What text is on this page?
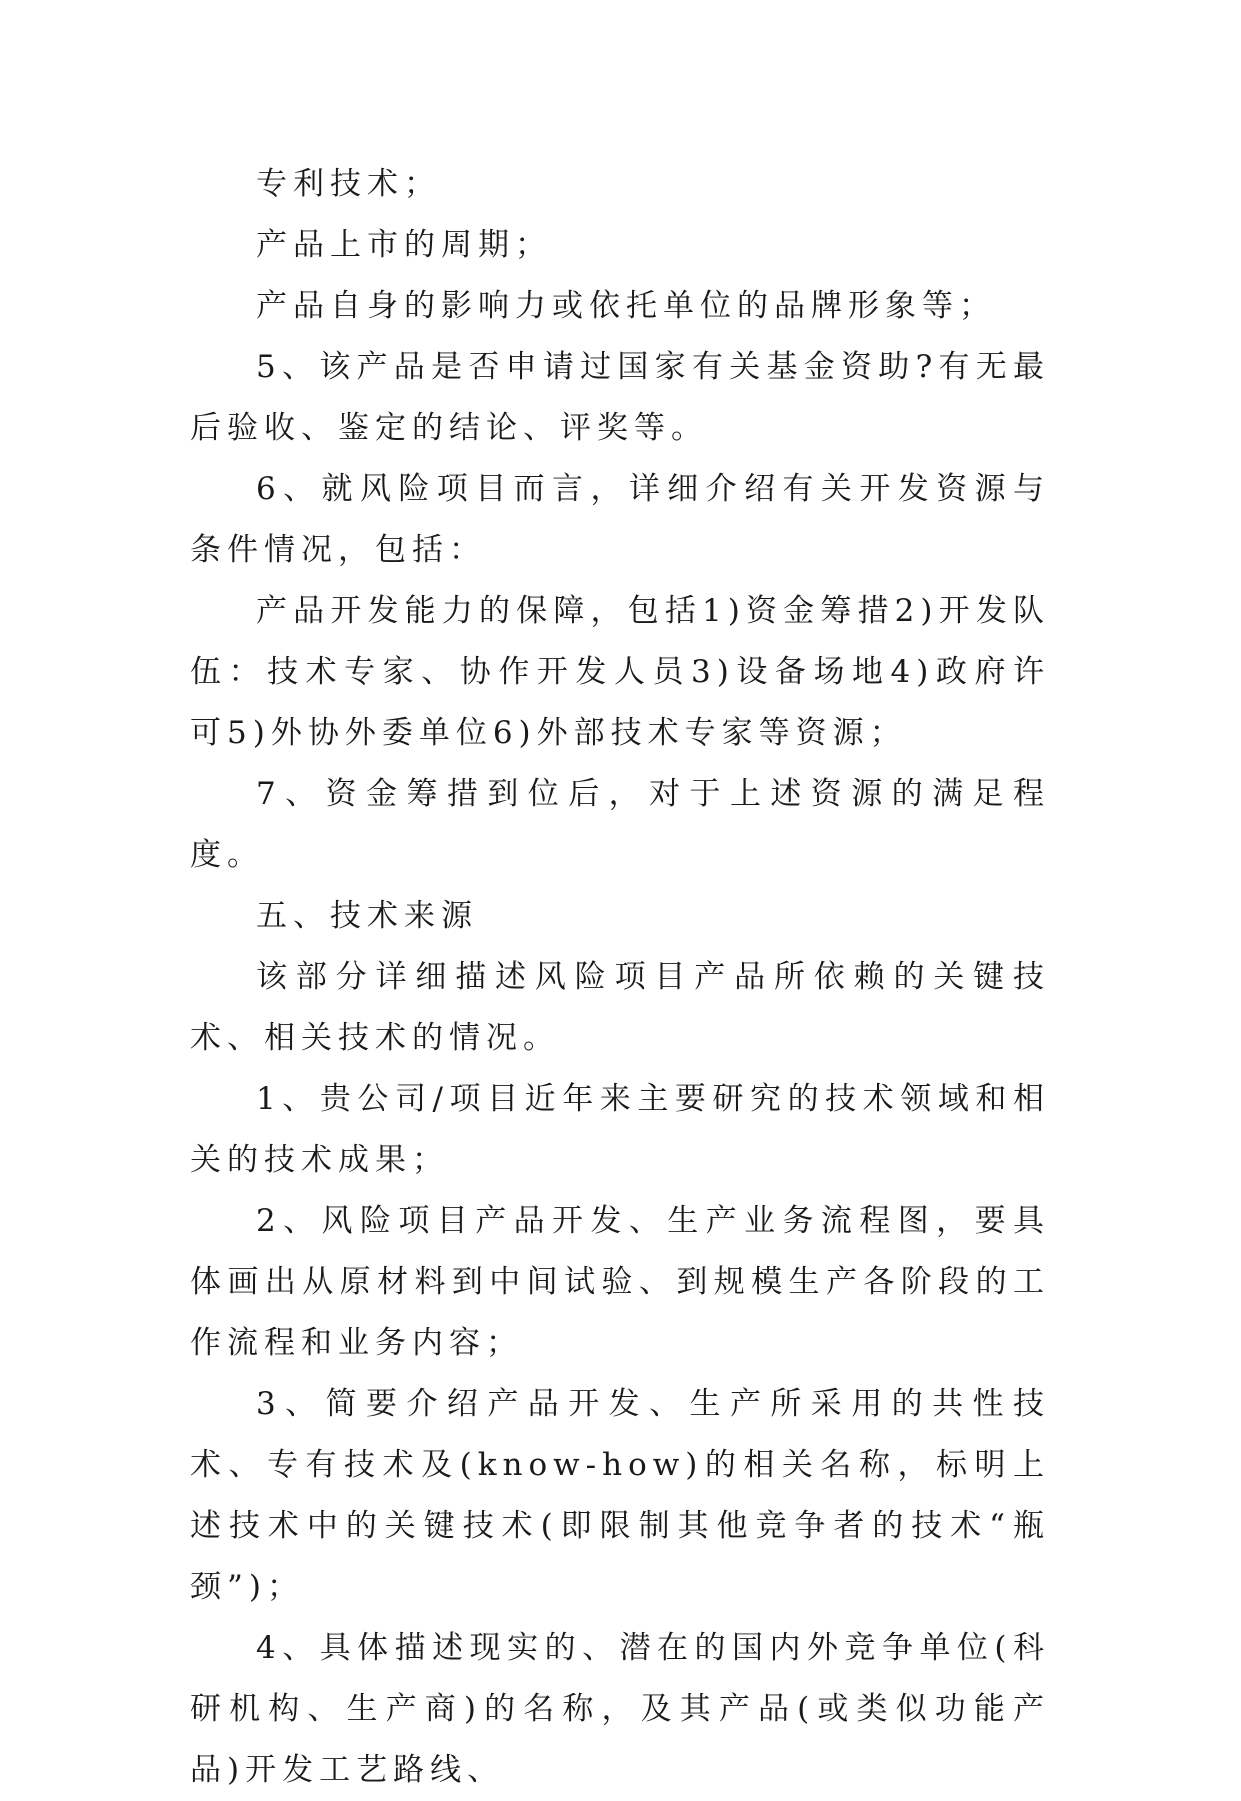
专利技术；

产品上市的周期；

产品自身的影响力或依托单位的品牌形象等；

5、该产品是否申请过国家有关基金资助?有无最后验收、鉴定的结论、评奖等。

6、就风险项目而言，详细介绍有关开发资源与条件情况，包括：

产品开发能力的保障，包括1)资金筹措2)开发队伍：技术专家、协作开发人员3)设备场地4)政府许可5)外协外委单位6)外部技术专家等资源；

7、资金筹措到位后，对于上述资源的满足程度。

五、技术来源

该部分详细描述风险项目产品所依赖的关键技术、相关技术的情况。

1、贵公司/项目近年来主要研究的技术领域和相关的技术成果；

2、风险项目产品开发、生产业务流程图，要具体画出从原材料到中间试验、到规模生产各阶段的工作流程和业务内容；

3、简要介绍产品开发、生产所采用的共性技术、专有技术及(know-how)的相关名称，标明上述技术中的关键技术(即限制其他竞争者的技术“瓶颈”)；

4、具体描述现实的、潜在的国内外竞争单位(科研机构、生产商)的名称，及其产品(或类似功能产品)开发工艺路线、
